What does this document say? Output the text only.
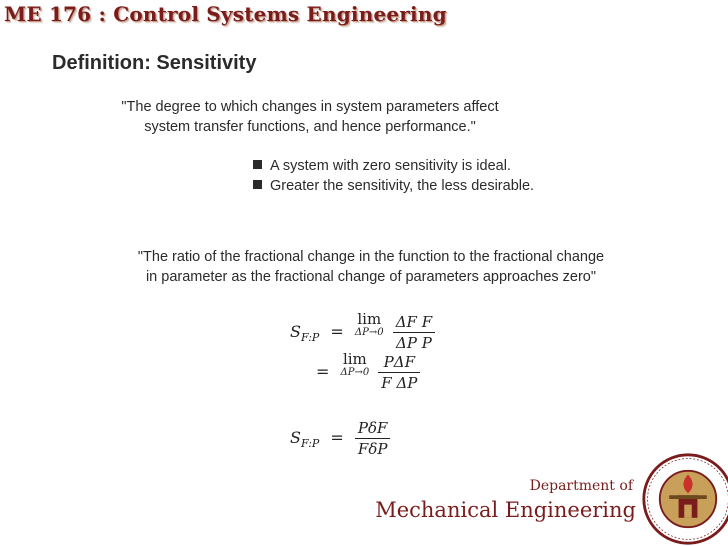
ME 176 : Control Systems Engineering
Definition: Sensitivity
"The degree to which changes in system parameters affect
system transfer functions, and hence performance."
A system with zero sensitivity is ideal.
Greater the sensitivity, the less desirable.
"The ratio of the fractional change in the function to the fractional change
in parameter as the fractional change of parameters approaches zero"
$S_{F:P}$ =
lim
ΔP→0
$\frac{\text{ΔF F}}{\text{ΔP P}}$
=
lim
ΔP→0
$\frac{\text{PΔF}}{\text{F ΔP}}$
$S_{F:P} = \frac{\text{PδF}}{\text{FδP}}$
Department of
Mechanical Engineering
